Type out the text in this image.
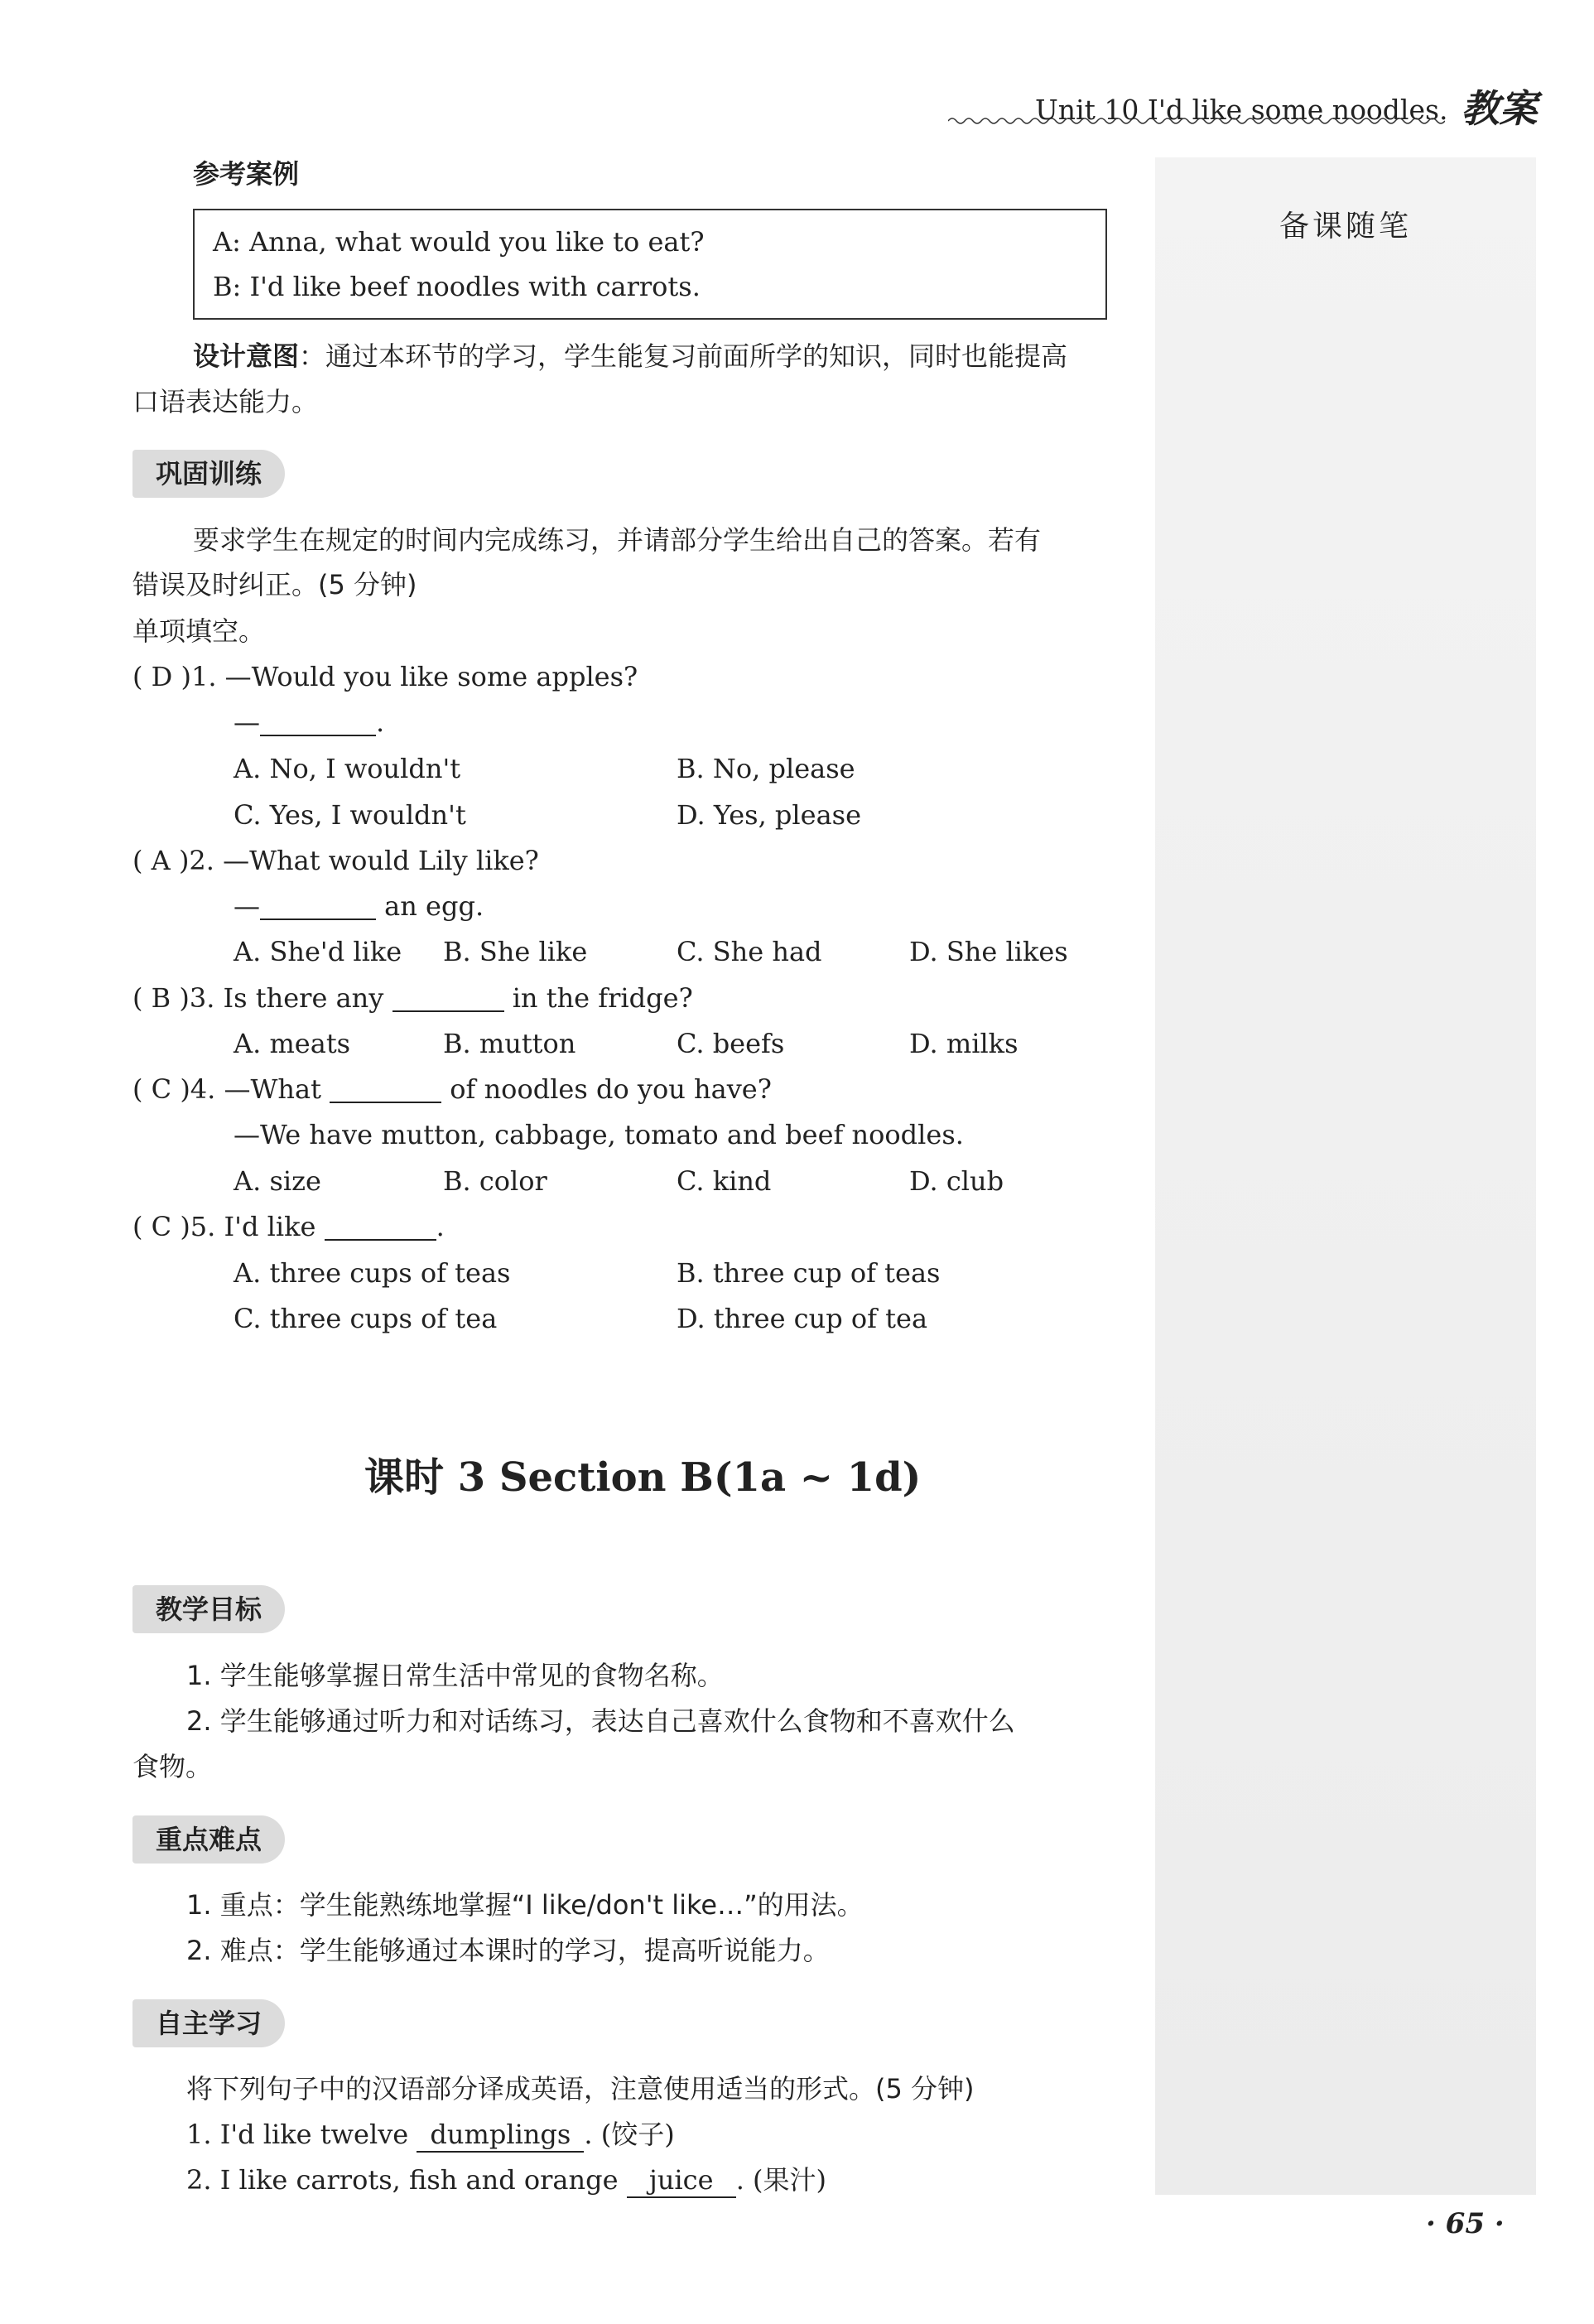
备课随笔
Unit 10 I'd like some noodles. 教案
参考案例
A: Anna, what would you like to eat?
B: I'd like beef noodles with carrots.
设计意图：通过本环节的学习，学生能复习前面所学的知识，同时也能提高
口语表达能力。
巩固训练
要求学生在规定的时间内完成练习，并请部分学生给出自己的答案。若有
错误及时纠正。(5 分钟)
单项填空。
( D )1. —Would you like some apples?
—	.
A. No, I wouldn't	B. No, please
C. Yes, I wouldn't	D. Yes, please
( A )2. —What would Lily like?
—	an egg.
A. She'd like B. She like	C. She had	D. She likes
( B )3. Is there any	in the fridge?
A. meats	B. mutton	C. beefs	D. milks
( C )4. —What	of noodles do you have?
—We have mutton, cabbage, tomato and beef noodles.
A. size	B. color	C. kind	D. club
( C )5. I'd like	.
A. three cups of teas	B. three cup of teas
C. three cups of tea	D. three cup of tea
课时 3 Section B(1a ~ 1d)
教学目标
1. 学生能够掌握日常生活中常见的食物名称。
2. 学生能够通过听力和对话练习，表达自己喜欢什么食物和不喜欢什么
食物。
重点难点
1. 重点：学生能熟练地掌握“I like/don't like…”的用法。
2. 难点：学生能够通过本课时的学习，提高听说能力。
自主学习
将下列句子中的汉语部分译成英语，注意使用适当的形式。(5 分钟)
1. I'd like twelve dumplings . (饺子)
2. I like carrots, fish and orange juice . (果汁)
· 65 ·
